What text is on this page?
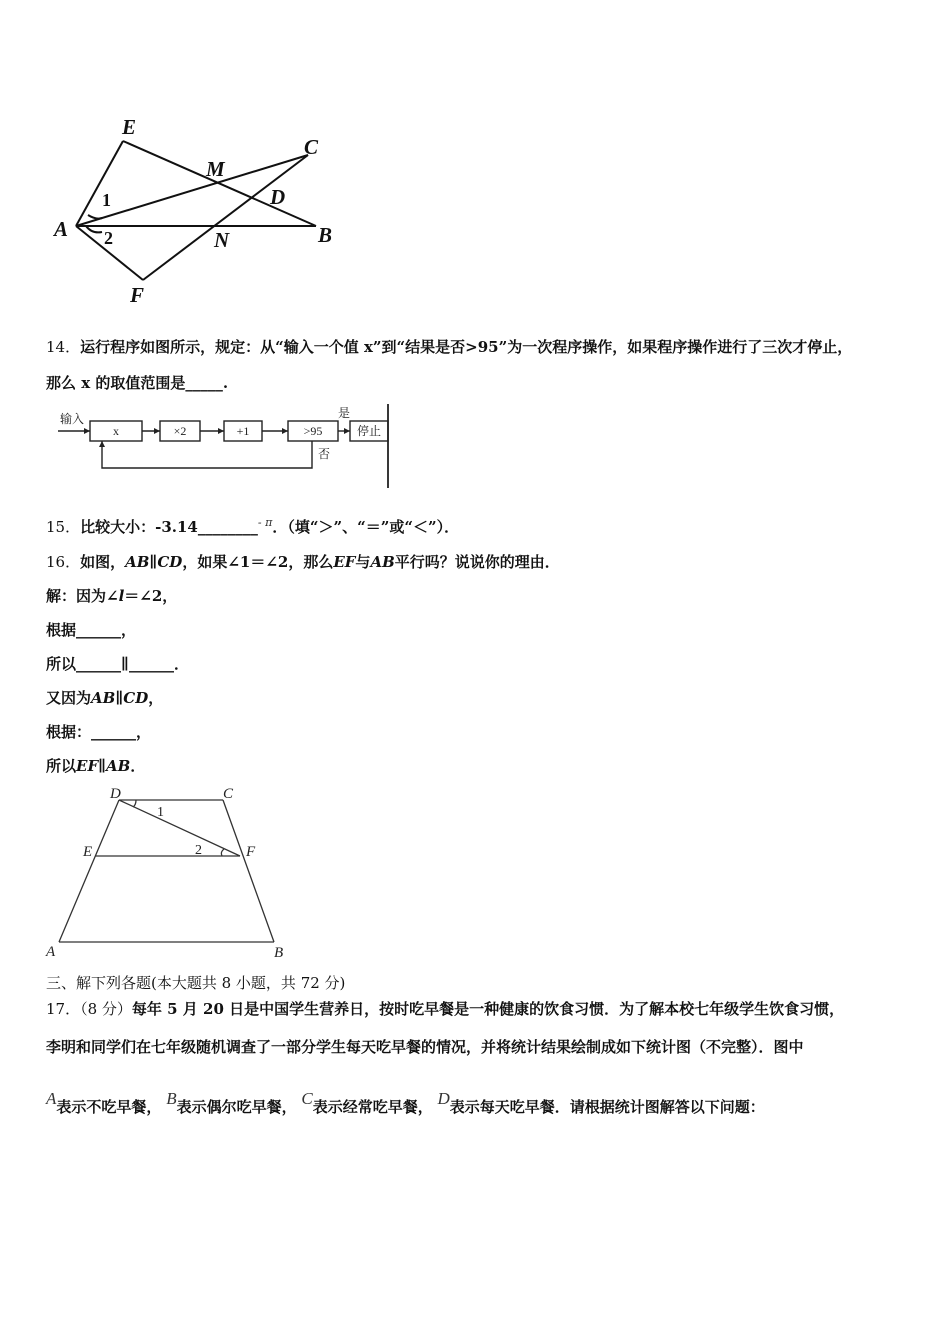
E
C
M
D
A	B
N
F
1
2
14．运行程序如图所示，规定：从“输入一个值 x”到“结果是否>95”为一次程序操作，如果程序操作进行了三次才停止，
那么 x 的取值范围是_____.
输入
x	×2	+1	>95
是
否
停止
15．比较大小：-3.14________$^{- \pi}$．（填“＞”、“＝”或“＜”）．
16．如图，AB∥CD，如果∠1＝∠2，那么EF与AB平行吗？说说你的理由．
解：因为∠l＝∠2，
根据______，
所以______∥______．
又因为AB∥CD，
根据：______，
所以EF∥AB．
D	C
E	F
A	B
1
2
三、解下列各题(本大题共 8 小题，共 72 分)
17．（8 分）每年 5 月 20 日是中国学生营养日，按时吃早餐是一种健康的饮食习惯．为了解本校七年级学生饮食习惯，
李明和同学们在七年级随机调查了一部分学生每天吃早餐的情况，并将统计结果绘制成如下统计图（不完整）．图中
A表示不吃早餐， B表示偶尔吃早餐， C表示经常吃早餐， D表示每天吃早餐．请根据统计图解答以下问题：
